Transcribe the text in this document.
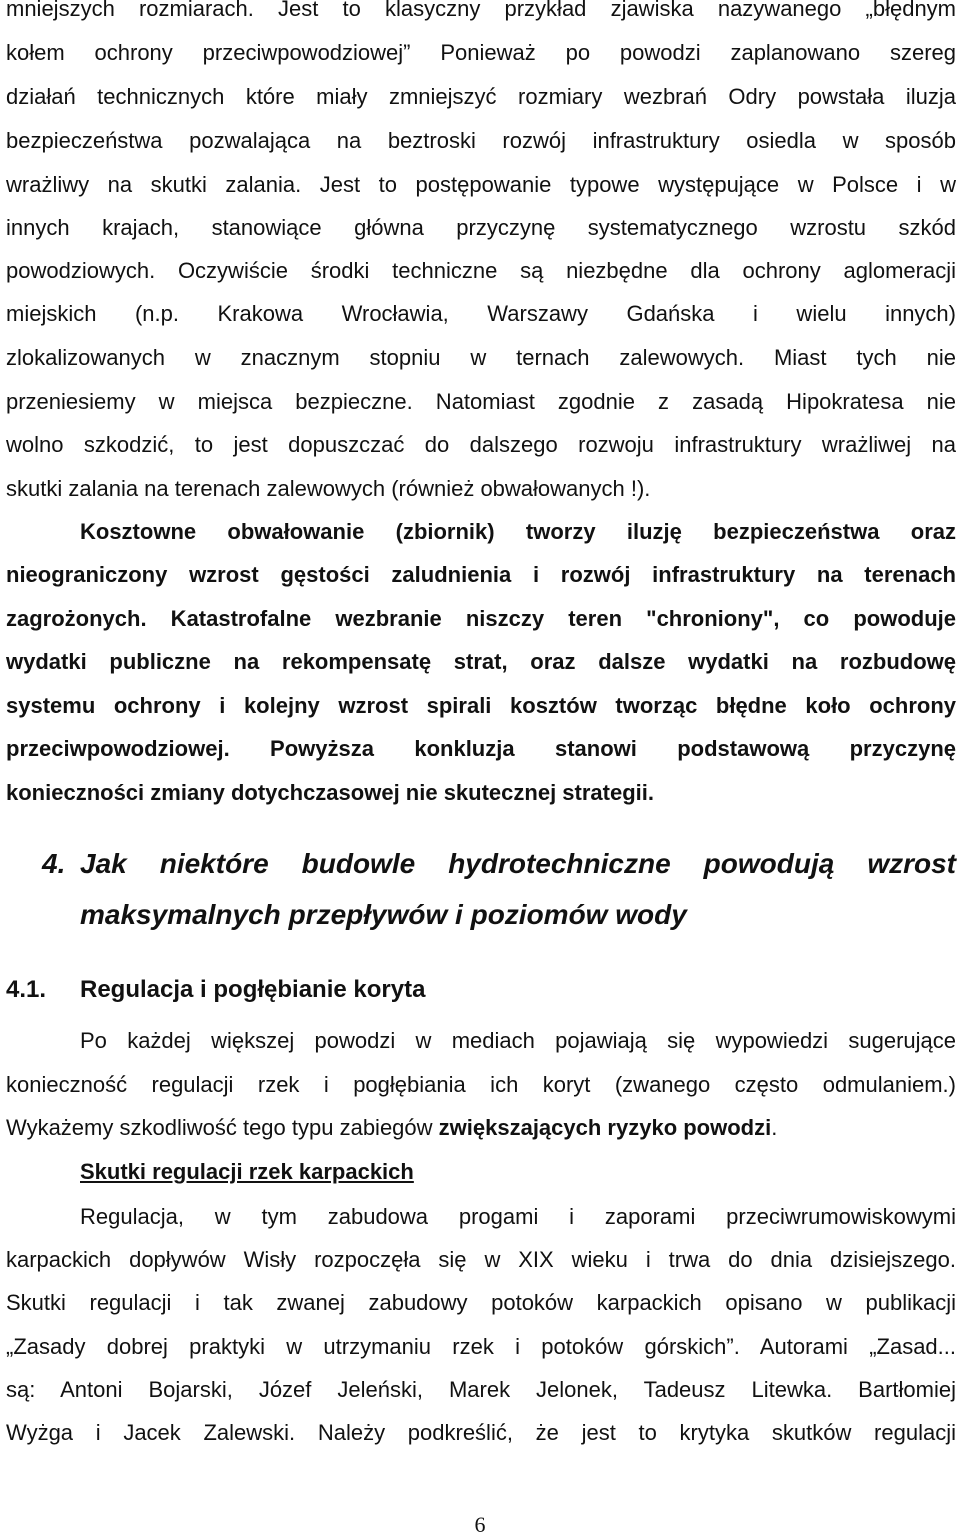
mniejszych rozmiarach. Jest to klasyczny przykład zjawiska nazywanego „błędnym
kołem ochrony przeciwpowodziowej” Ponieważ po powodzi zaplanowano szereg
działań technicznych które miały zmniejszyć rozmiary wezbrań Odry powstała iluzja
bezpieczeństwa pozwalająca na beztroski rozwój infrastruktury osiedla w sposób
wrażliwy na skutki zalania. Jest to postępowanie typowe występujące w Polsce i w
innych krajach, stanowiące główna przyczynę systematycznego wzrostu szkód
powodziowych. Oczywiście środki techniczne są niezbędne dla ochrony aglomeracji
miejskich (n.p. Krakowa Wrocławia, Warszawy Gdańska i wielu innych)
zlokalizowanych w znacznym stopniu w ternach zalewowych. Miast tych nie
przeniesiemy w miejsca bezpieczne. Natomiast zgodnie z zasadą Hipokratesa nie
wolno szkodzić, to jest dopuszczać do dalszego rozwoju infrastruktury wrażliwej na
skutki zalania na terenach zalewowych (również obwałowanych !).
Kosztowne obwałowanie (zbiornik) tworzy iluzję bezpieczeństwa oraz
nieograniczony wzrost gęstości zaludnienia i rozwój infrastruktury na terenach
zagrożonych. Katastrofalne wezbranie niszczy teren "chroniony", co powoduje
wydatki publiczne na rekompensatę strat, oraz dalsze wydatki na rozbudowę
systemu ochrony i kolejny wzrost spirali kosztów tworząc błędne koło ochrony
przeciwpowodziowej. Powyższa konkluzja stanowi podstawową przyczynę
konieczności zmiany dotychczasowej nie skutecznej strategii.
4. Jak niektóre budowle hydrotechniczne powodują wzrost
maksymalnych przepływów i poziomów wody
4.1. Regulacja i pogłębianie koryta
Po każdej większej powodzi w mediach pojawiają się wypowiedzi sugerujące
konieczność regulacji rzek i pogłębiania ich koryt (zwanego często odmulaniem.)
Wykażemy szkodliwość tego typu zabiegów zwiększających ryzyko powodzi.
Skutki regulacji rzek karpackich
Regulacja, w tym zabudowa progami i zaporami przeciwrumowiskowymi
karpackich dopływów Wisły rozpoczęła się w XIX wieku i trwa do dnia dzisiejszego.
Skutki regulacji i tak zwanej zabudowy potoków karpackich opisano w publikacji
„Zasady dobrej praktyki w utrzymaniu rzek i potoków górskich”. Autorami „Zasad...
są: Antoni Bojarski, Józef Jeleński, Marek Jelonek, Tadeusz Litewka. Bartłomiej
Wyżga i Jacek Zalewski. Należy podkreślić, że jest to krytyka skutków regulacji
6
